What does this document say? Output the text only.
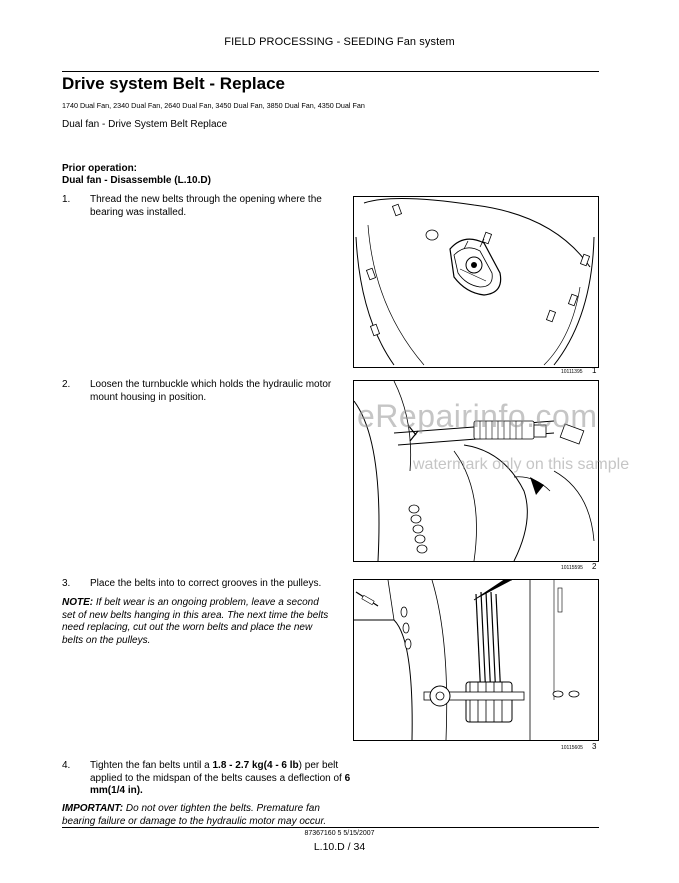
FIELD PROCESSING - SEEDING Fan system
Drive system Belt - Replace
1740 Dual Fan, 2340 Dual Fan, 2640 Dual Fan, 3450 Dual Fan, 3850 Dual Fan, 4350 Dual Fan
Dual fan - Drive System Belt Replace
Prior operation:
Dual fan - Disassemble (L.10.D)
1. Thread the new belts through the opening where the bearing was installed.
10111395 1
2. Loosen the turnbuckle which holds the hydraulic motor mount housing in position.
10115595 2
eRepairinfo.com
watermark only on this sample
3. Place the belts into to correct grooves in the pulleys.
NOTE: If belt wear is an ongoing problem, leave a second set of new belts hanging in this area. The next time the belts need replacing, cut out the worn belts and place the new belts on the pulleys.
10115605 3
4. Tighten the fan belts until a 1.8 - 2.7 kg(4 - 6 lb) per belt applied to the midspan of the belts causes a deflection of 6 mm(1/4 in).
IMPORTANT: Do not over tighten the belts. Premature fan bearing failure or damage to the hydraulic motor may occur.
87367160 5 5/15/2007
L.10.D / 34
